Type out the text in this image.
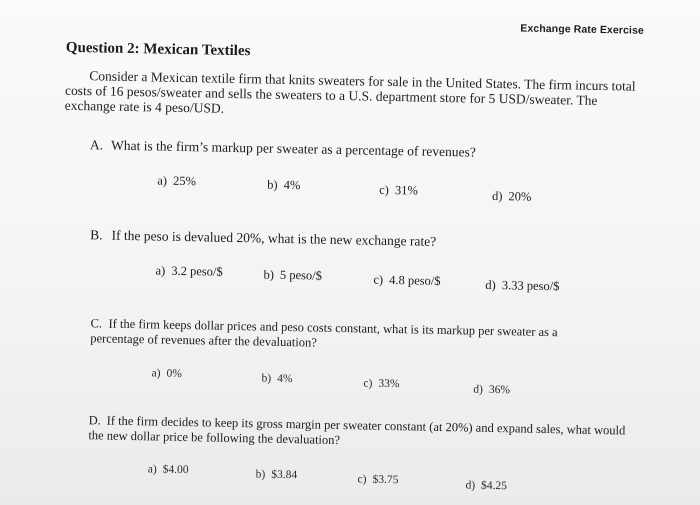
Exchange Rate Exercise
Question 2: Mexican Textiles
Consider a Mexican textile firm that knits sweaters for sale in the United States. The firm incurs total costs of 16 pesos/sweater and sells the sweaters to a U.S. department store for 5 USD/sweater. The exchange rate is 4 peso/USD.
A. What is the firm’s markup per sweater as a percentage of revenues?
a) 25%	b) 4%	c) 31%	d) 20%
B. If the peso is devalued 20%, what is the new exchange rate?
a) 3.2 peso/$	b) 5 peso/$	c) 4.8 peso/$	d) 3.33 peso/$
C. If the firm keeps dollar prices and peso costs constant, what is its markup per sweater as a percentage of revenues after the devaluation?
a) 0%	b) 4%	c) 33%	d) 36%
D. If the firm decides to keep its gross margin per sweater constant (at 20%) and expand sales, what would the new dollar price be following the devaluation?
a) $4.00	b) $3.84	c) $3.75	d) $4.25
